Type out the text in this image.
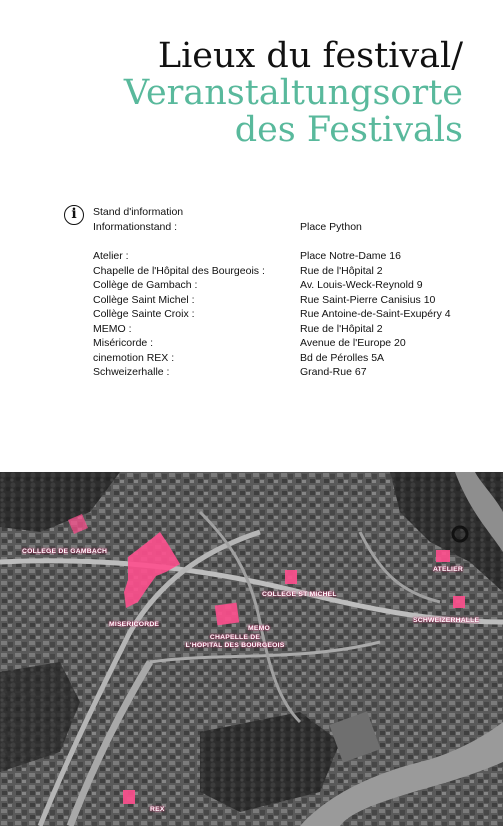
Lieux du festival/
Veranstaltungsorte
des Festivals
i	Stand d'information
Informationstand :	Place Python
Atelier :	Place Notre-Dame 16
Chapelle de l'Hôpital des Bourgeois :	Rue de l'Hôpital 2
Collège de Gambach :	Av. Louis-Weck-Reynold 9
Collège Saint Michel :	Rue Saint-Pierre Canisius 10
Collège Sainte Croix :	Rue Antoine-de-Saint-Exupéry 4
MEMO :	Rue de l'Hôpital 2
Miséricorde :	Avenue de l'Europe 20
cinemotion REX :	Bd de Pérolles 5A
Schweizerhalle :	Grand-Rue 67
COLLEGE DE GAMBACH
MISERICORDE
CHAPELLE DE
L'HOPITAL DES BOURGEOIS
MEMO
COLLEGE ST MICHEL
ATELIER
SCHWEIZERHALLE
REX
